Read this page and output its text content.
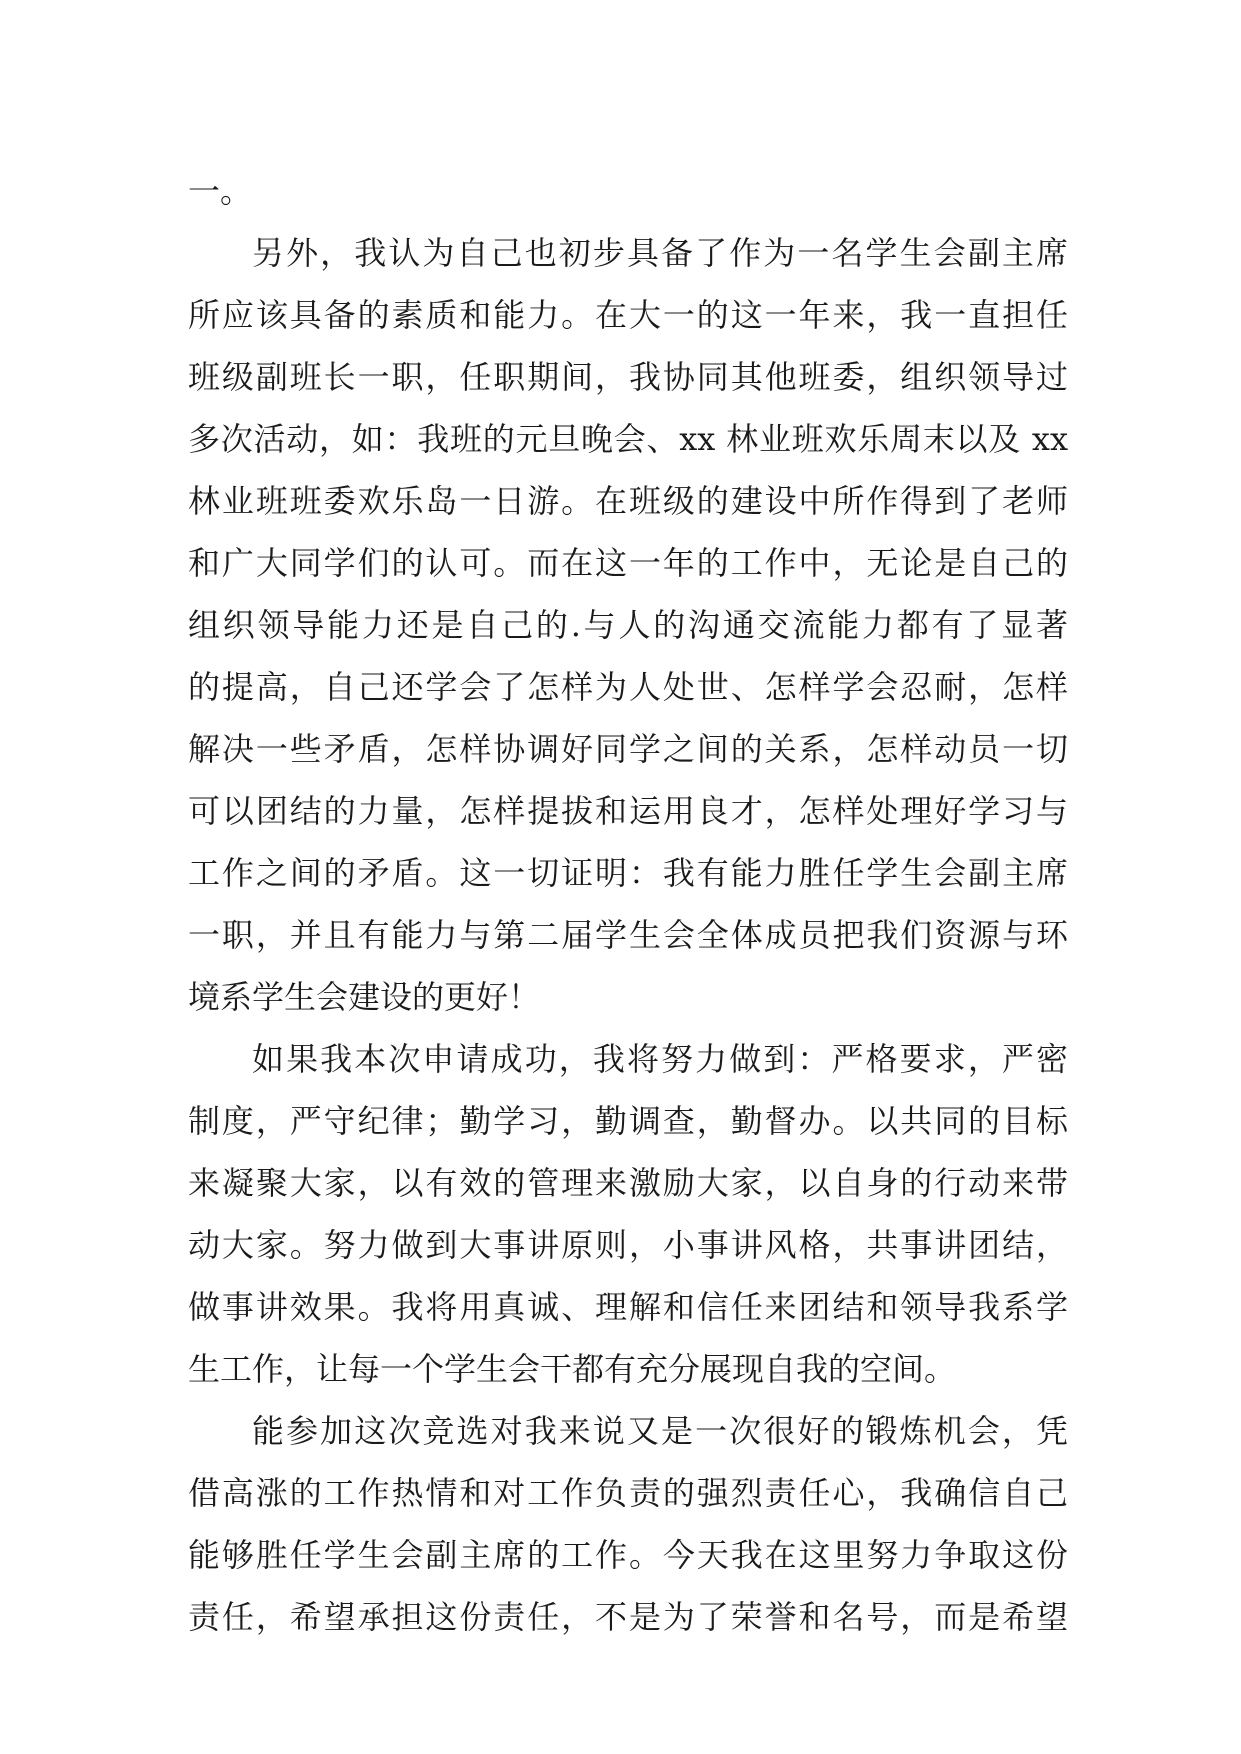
一。
另外，我认为自己也初步具备了作为一名学生会副主席
所应该具备的素质和能力。在大一的这一年来，我一直担任
班级副班长一职，任职期间，我协同其他班委，组织领导过
多次活动，如：我班的元旦晚会、xx 林业班欢乐周末以及 xx
林业班班委欢乐岛一日游。在班级的建设中所作得到了老师
和广大同学们的认可。而在这一年的工作中，无论是自己的
组织领导能力还是自己的.与人的沟通交流能力都有了显著
的提高，自己还学会了怎样为人处世、怎样学会忍耐，怎样
解决一些矛盾，怎样协调好同学之间的关系，怎样动员一切
可以团结的力量，怎样提拔和运用良才，怎样处理好学习与
工作之间的矛盾。这一切证明：我有能力胜任学生会副主席
一职，并且有能力与第二届学生会全体成员把我们资源与环
境系学生会建设的更好！
如果我本次申请成功，我将努力做到：严格要求，严密
制度，严守纪律；勤学习，勤调查，勤督办。以共同的目标
来凝聚大家，以有效的管理来激励大家，以自身的行动来带
动大家。努力做到大事讲原则，小事讲风格，共事讲团结，
做事讲效果。我将用真诚、理解和信任来团结和领导我系学
生工作，让每一个学生会干都有充分展现自我的空间。
能参加这次竞选对我来说又是一次很好的锻炼机会，凭
借高涨的工作热情和对工作负责的强烈责任心，我确信自己
能够胜任学生会副主席的工作。今天我在这里努力争取这份
责任，希望承担这份责任，不是为了荣誉和名号，而是希望
